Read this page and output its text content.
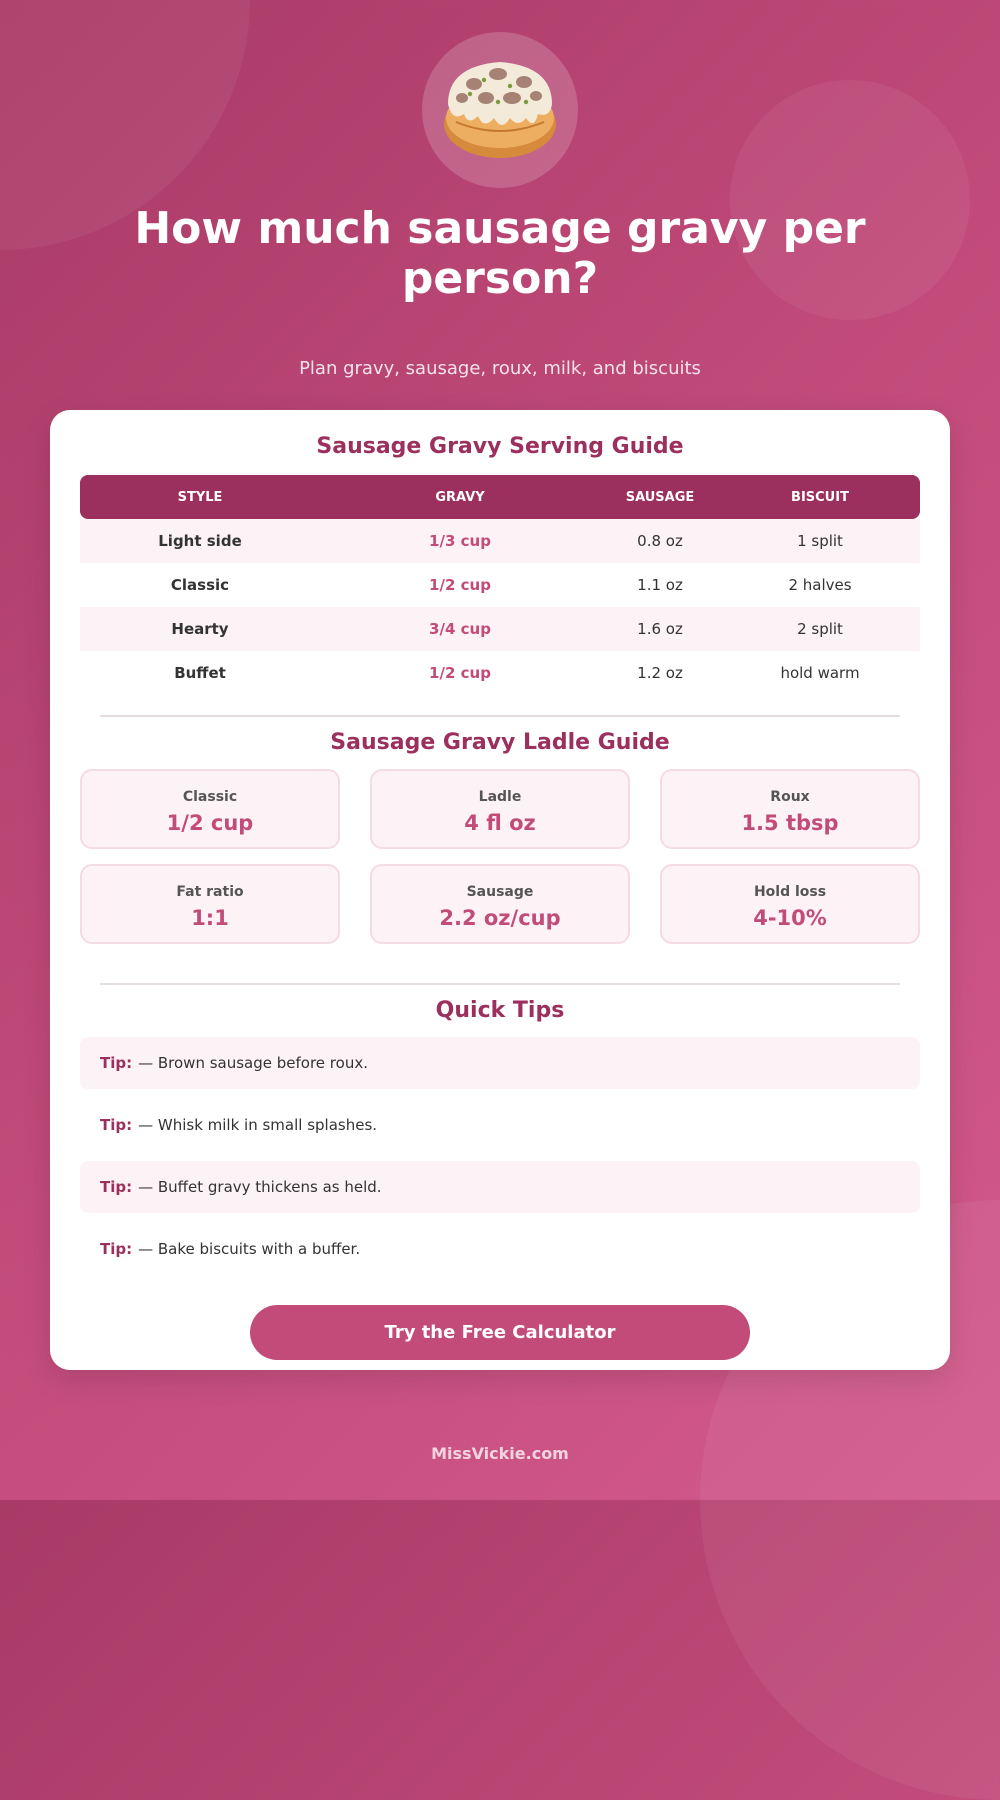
How much sausage gravy per person?
Plan gravy, sausage, roux, milk, and biscuits
Sausage Gravy Serving Guide
STYLE	GRAVY	SAUSAGE	BISCUIT
Light side	1/3 cup	0.8 oz	1 split
Classic	1/2 cup	1.1 oz	2 halves
Hearty	3/4 cup	1.6 oz	2 split
Buffet	1/2 cup	1.2 oz	hold warm
Sausage Gravy Ladle Guide
Classic
1/2 cup
Ladle
4 fl oz
Roux
1.5 tbsp
Fat ratio
1:1
Sausage
2.2 oz/cup
Hold loss
4-10%
Quick Tips
Tip: — Brown sausage before roux.
Tip: — Whisk milk in small splashes.
Tip: — Buffet gravy thickens as held.
Tip: — Bake biscuits with a buffer.
Try the Free Calculator
MissVickie.com
